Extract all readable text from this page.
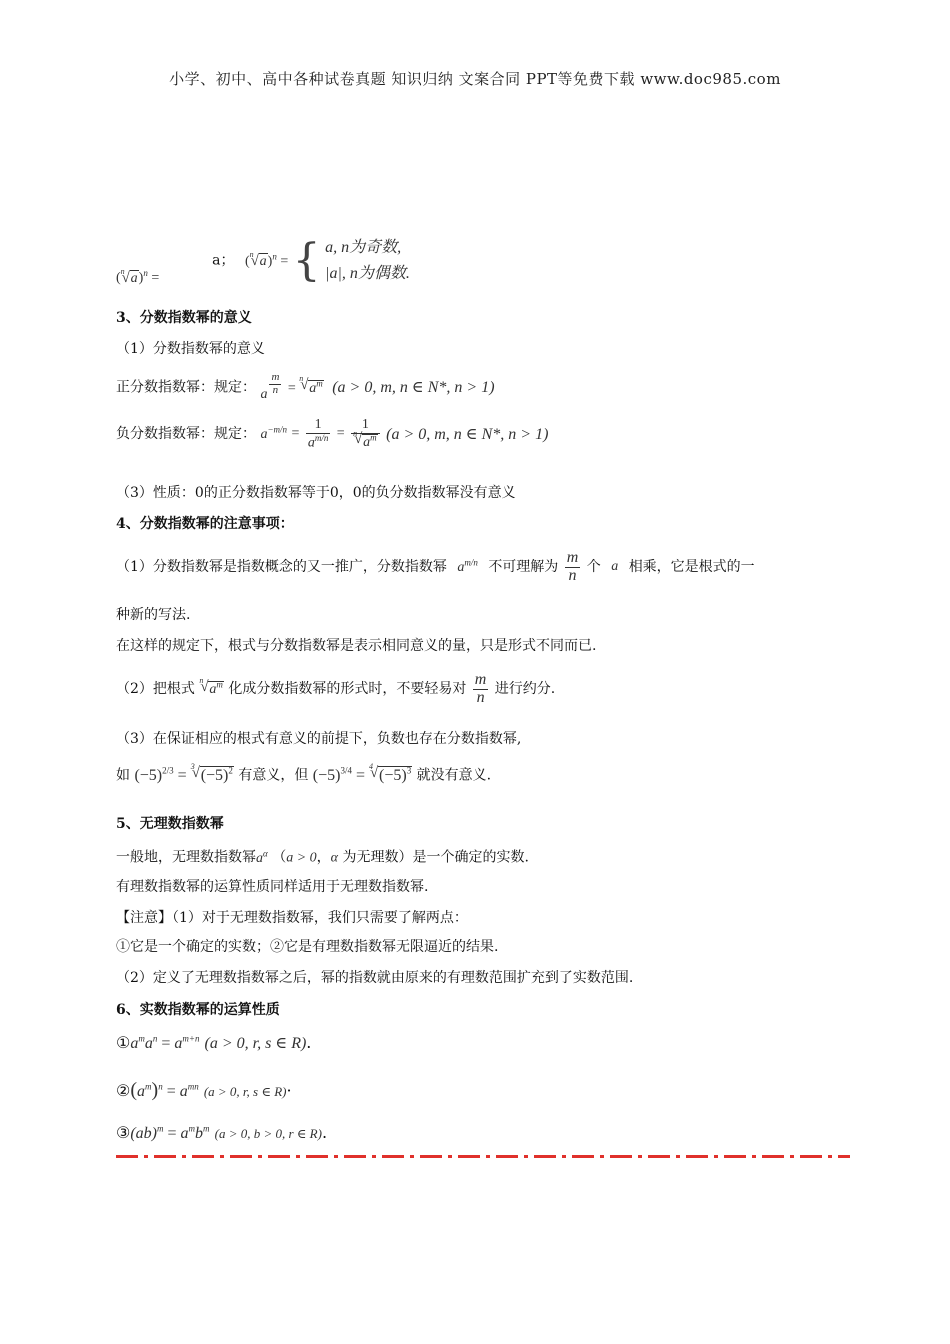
小学、初中、高中各种试卷真题 知识归纳 文案合同 PPT等免费下载 www.doc985.com
( √ n a)$^n$ =  a； ( √ n a)$^n$ = { a, n为奇数,
|a|, n为偶数.
3、分数指数幂的意义
（1）分数指数幂的意义
正分数指数幂：规定： a $\frac{m}{n}$ =
√ n
$a^m$ (a > 0, m, n ∈ N*, n > 1)
负分数指数幂：规定： $a^{-m/n} = \frac{1}{a^{m/n}} = 1$
√ n
$a^m$ (a > 0, m, n ∈ N*, n > 1)
（3）性质：0的正分数指数幂等于0，0的负分数指数幂没有意义
4、分数指数幂的注意事项：
（1）分数指数幂是指数概念的又一推广，分数指数幂 $a^{m/n}$ 不可理解为 $\frac{m}{n}$ 个 a 相乘，它是根式的一
种新的写法.
在这样的规定下，根式与分数指数幂是表示相同意义的量，只是形式不同而已.
（2）把根式
√ n
$a^m$ 化成分数指数幂的形式时，不要轻易对 $\frac{m}{n}$ 进行约分.
（3）在保证相应的根式有意义的前提下，负数也存在分数指数幂,
如 $(-5)^{2/3}$ =
√ 3
$(-5)^2$ 有意义，但 $(-5)^{3/4}$ =
√ 4
$(-5)^3$ 就没有意义.
5、无理数指数幂
一般地，无理数指数幂$a^\alpha$ （a > 0，α 为无理数）是一个确定的实数.
有理数指数幂的运算性质同样适用于无理数指数幂.
【注意】（1）对于无理数指数幂，我们只需要了解两点：
①它是一个确定的实数；②它是有理数指数幂无限逼近的结果.
（2）定义了无理数指数幂之后，幂的指数就由原来的有理数范围扩充到了实数范围.
6、实数指数幂的运算性质
$①a^ma^n = a^{m+n}$ (a > 0, r, s ∈ R).
$②(a^m)^n = a^{mn}$ (a > 0, r, s ∈ R)·
③(ab)$^m$ = $a^mb^m$ (a > 0, b > 0, r ∈ R).
